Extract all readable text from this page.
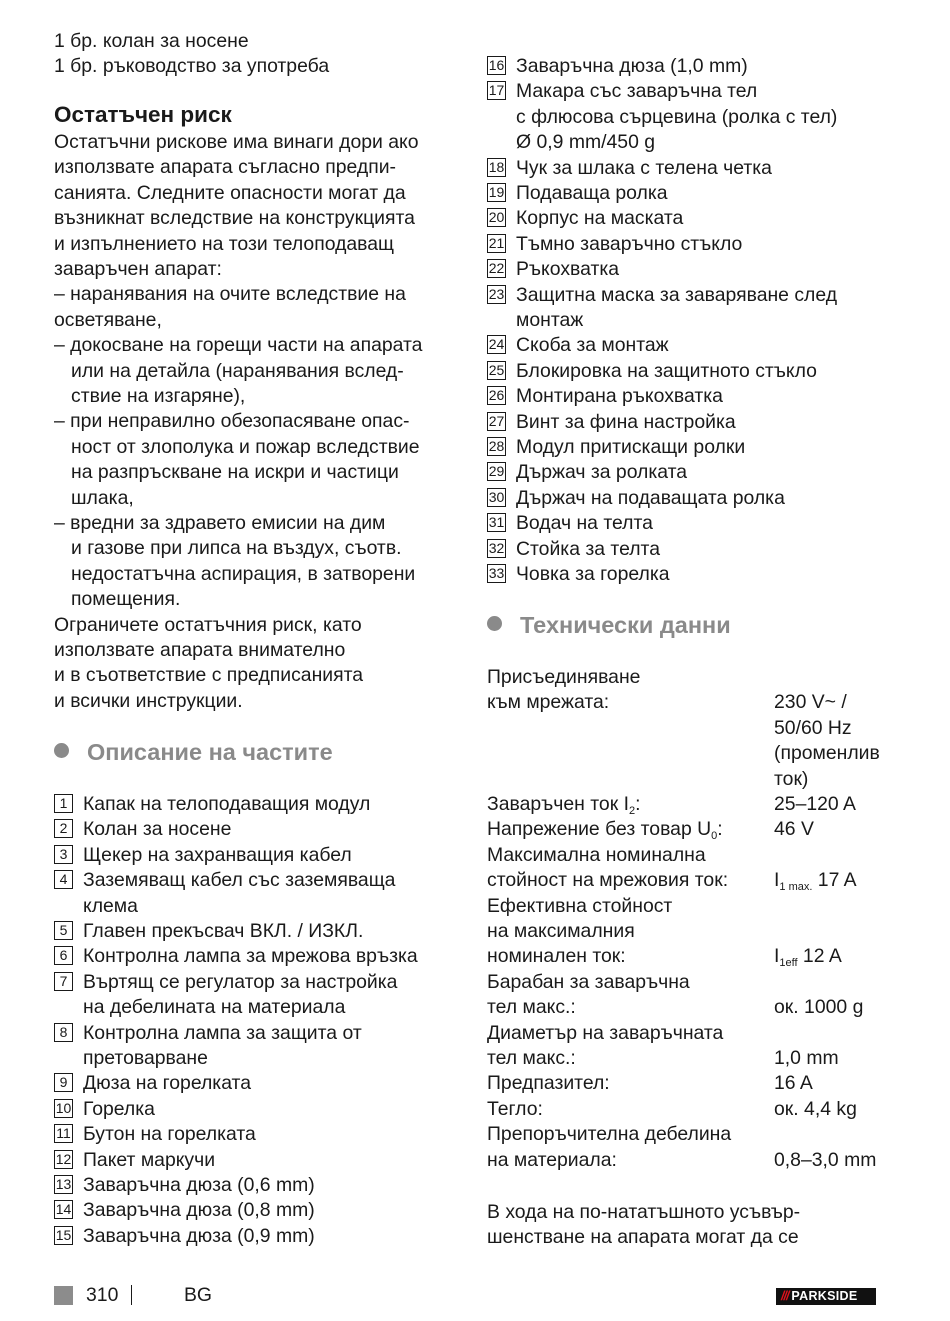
1 бр. колан за носене
1 бр. ръководство за употреба
Остатъчен риск
Остатъчни рискове има винаги дори ако
използвате апарата съгласно предпи-
санията. Следните опасности могат да
възникнат вследствие на конструкцията
и изпълнението на този телоподаващ
заваръчен апарат:
– наранявания на очите вследствие на
осветяване,
– докосване на горещи части на апарата
или на детайла (наранявания вслед-
ствие на изгаряне),
– при неправилно обезопасяване опас-
ност от злополука и пожар вследствие
на разпръскване на искри и частици
шлака,
– вредни за здравето емисии на дим
и газове при липса на въздух, съотв.
недостатъчна аспирация, в затворени
помещения.
Ограничете остатъчния риск, като
използвате апарата внимателно
и в съответствие с предписанията
и всички инструкции.
Описание на частите
1 Капак на телоподаващия модул
2 Колан за носене
3 Щекер на захранващия кабел
4 Заземяващ кабел със заземяваща
клема
5 Главен прекъсвач ВКЛ. / ИЗКЛ.
6 Контролна лампа за мрежова връзка
7 Въртящ се регулатор за настройка
на дебелината на материала
8 Контролна лампа за защита от
претоварване
9 Дюза на горелката
10 Горелка
11 Бутон на горелката
12 Пакет маркучи
13 Заваръчна дюза (0,6 mm)
14 Заваръчна дюза (0,8 mm)
15 Заваръчна дюза (0,9 mm)
16 Заваръчна дюза (1,0 mm)
17 Макара със заваръчна тел
с флюсова сърцевина (ролка с тел)
Ø 0,9 mm/450 g
18 Чук за шлака с телена четка
19 Подаваща ролка
20 Корпус на маската
21 Тъмно заваръчно стъкло
22 Ръкохватка
23 Защитна маска за заваряване след
монтаж
24 Скоба за монтаж
25 Блокировка на защитното стъкло
26 Монтирана ръкохватка
27 Винт за фина настройка
28 Модул притискащи ролки
29 Държач за ролката
30 Държач на подаващата ролка
31 Водач на телта
32 Стойка за телта
33 Човка за горелка
Технически данни
Присъединяване
към мрежата:	230 V~ /
50/60 Hz
(променлив
ток)
Заваръчен ток $I_2$:	25–120 A
Напрежение без товар $U_0$:	46 V
Максимална номинална
стойност на мрежовия ток: $I_{1 max.}$ 17 A
Ефективна стойност
на максималния
номинален ток:	$I_{1eff}$ 12 A
Барабан за заваръчна
тел макс.:	ок. 1000 g
Диаметър на заваръчната
тел макс.:	1,0 mm
Предпазител:	16 A
Тегло:	ок. 4,4 kg
Препоръчителна дебелина
на материала:	0,8–3,0 mm
В хода на по-нататъшното усъвър-
шенстване на апарата могат да се
310	BG	/// PARKSIDE
